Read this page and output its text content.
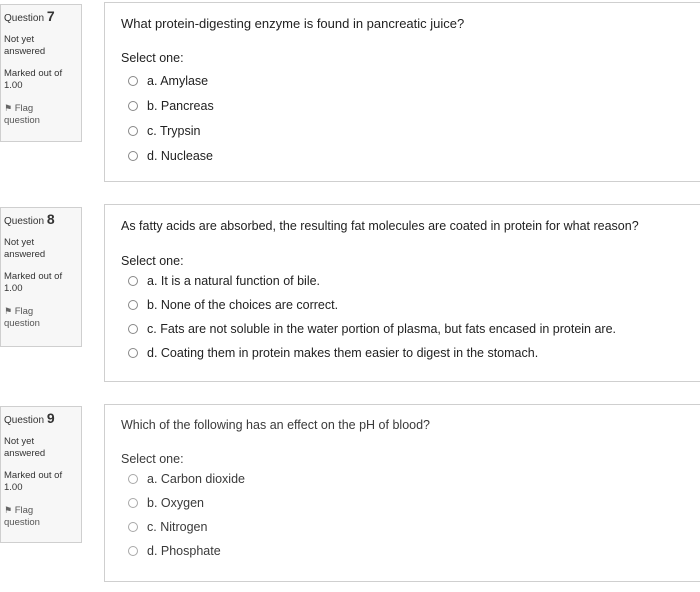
Question 7
Not yet answered
Marked out of 1.00
⚑ Flag question
What protein-digesting enzyme is found in pancreatic juice?
Select one:
a. Amylase
b. Pancreas
c. Trypsin
d. Nuclease
Question 8
Not yet answered
Marked out of 1.00
⚑ Flag question
As fatty acids are absorbed, the resulting fat molecules are coated in protein for what reason?
Select one:
a. It is a natural function of bile.
b. None of the choices are correct.
c. Fats are not soluble in the water portion of plasma, but fats encased in protein are.
d. Coating them in protein makes them easier to digest in the stomach.
Question 9
Not yet answered
Marked out of 1.00
⚑ Flag question
Which of the following has an effect on the pH of blood?
Select one:
a. Carbon dioxide
b. Oxygen
c. Nitrogen
d. Phosphate
